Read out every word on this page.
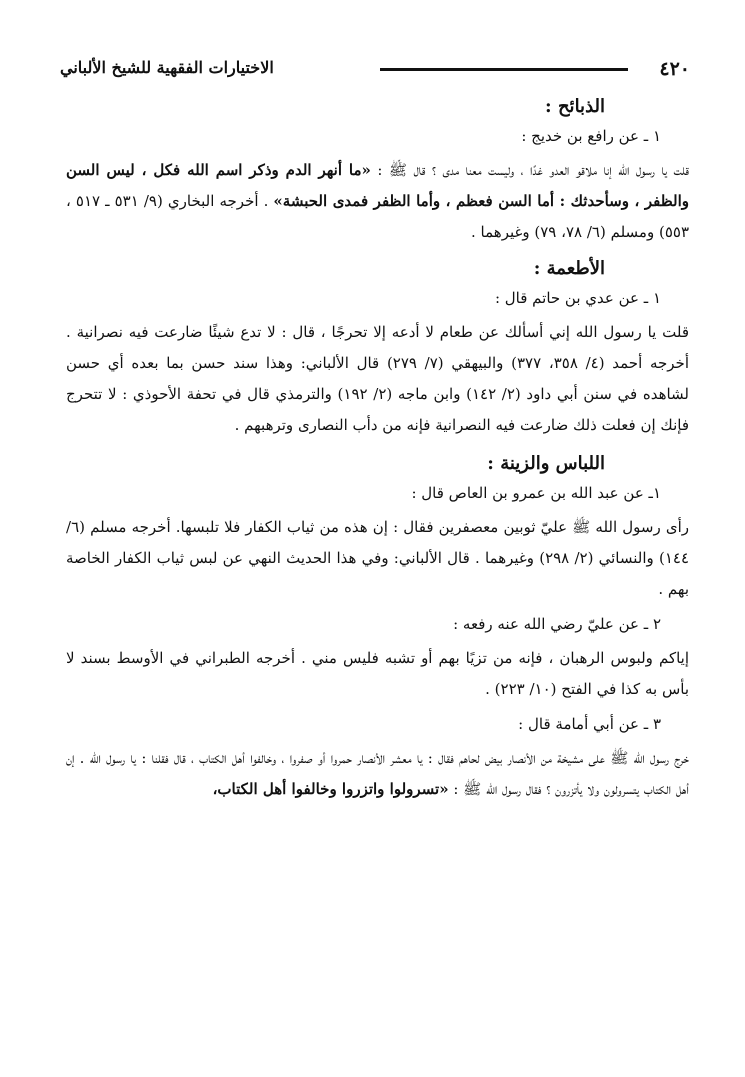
٤٢٠
الاختيارات الفقهية للشيخ الألباني
الذبائح :
١ ـ عن رافع بن خديج :

قلت يا رسول الله إنا ملاقو العدو غدًا ، وليست معنا مدى ؟ قال ﷺ : «ما أنهر الدم وذكر اسم الله فكل ، ليس السن والظفر ، وسأحدثك : أما السن فعظم ، وأما الظفر فمدى الحبشة» . أخرجه البخاري (٩/ ٥٣١ ـ ٥١٧ ، ٥٥٣) ومسلم (٦/ ٧٨، ٧٩) وغيرهما .

الأطعمة :
١ ـ عن عدي بن حاتم قال :

قلت يا رسول الله إني أسألك عن طعام لا أدعه إلا تحرجًا ، قال : لا تدع شيئًا ضارعت فيه نصرانية . أخرجه أحمد (٤/ ٣٥٨، ٣٧٧) والبيهقي (٧/ ٢٧٩) قال الألباني: وهذا سند حسن بما بعده أي حسن لشاهده في سنن أبي داود (٢/ ١٤٢) وابن ماجه (٢/ ١٩٢) والترمذي قال في تحفة الأحوذي : لا تتحرج فإنك إن فعلت ذلك ضارعت فيه النصرانية فإنه من دأب النصارى وترهبهم .

اللباس والزينة :
١ـ عن عبد الله بن عمرو بن العاص قال :

رأى رسول الله ﷺ عليّ ثوبين معصفرين فقال : إن هذه من ثياب الكفار فلا تلبسها. أخرجه مسلم (٦/ ١٤٤) والنسائي (٢/ ٢٩٨) وغيرهما . قال الألباني: وفي هذا الحديث النهي عن لبس ثياب الكفار الخاصة بهم .

٢ ـ عن عليّ رضي الله عنه رفعه :

إياكم ولبوس الرهبان ، فإنه من تزيًا بهم أو تشبه فليس مني . أخرجه الطبراني في الأوسط بسند لا بأس به كذا في الفتح (١٠/ ٢٢٣) .

٣ ـ عن أبي أمامة قال :

خرج رسول الله ﷺ على مشيخة من الأنصار بيض لحاهم فقال : يا معشر الأنصار حمروا أو صفروا ، وخالفوا أهل الكتاب ، قال فقلنا : يا رسول الله . إن أهل الكتاب يتسرولون ولا يأتزرون ؟ فقال رسول الله ﷺ : «تسرولوا واتزروا وخالفوا أهل الكتاب،
